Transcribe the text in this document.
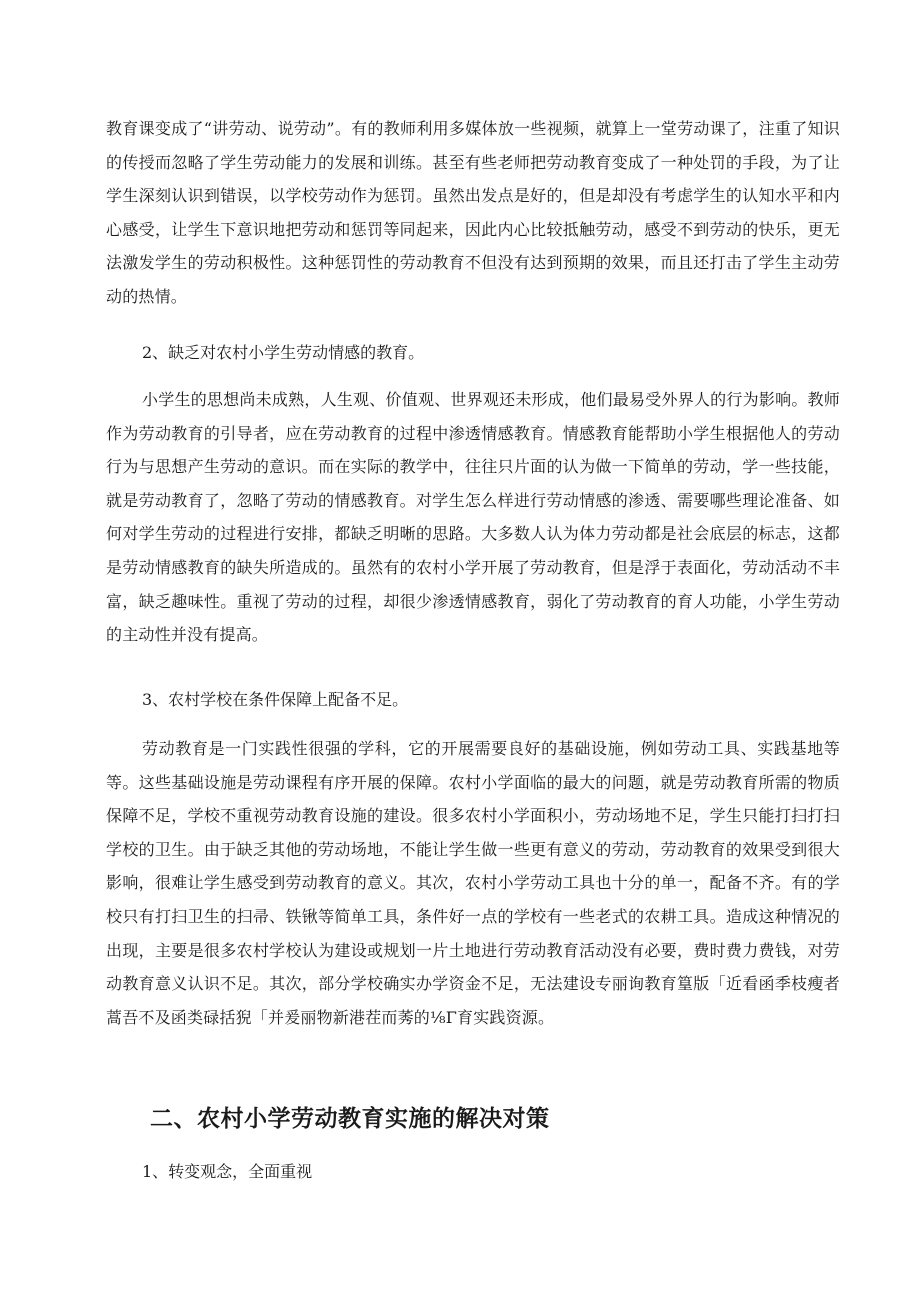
教育课变成了“讲劳动、说劳动”。有的教师利用多媒体放一些视频，就算上一堂劳动课了，注重了知识的传授而忽略了学生劳动能力的发展和训练。甚至有些老师把劳动教育变成了一种处罚的手段，为了让学生深刻认识到错误，以学校劳动作为惩罚。虽然出发点是好的，但是却没有考虑学生的认知水平和内心感受，让学生下意识地把劳动和惩罚等同起来，因此内心比较抵触劳动，感受不到劳动的快乐，更无法激发学生的劳动积极性。这种惩罚性的劳动教育不但没有达到预期的效果，而且还打击了学生主动劳动的热情。

2、缺乏对农村小学生劳动情感的教育。

小学生的思想尚未成熟，人生观、价值观、世界观还未形成，他们最易受外界人的行为影响。教师作为劳动教育的引导者，应在劳动教育的过程中渗透情感教育。情感教育能帮助小学生根据他人的劳动行为与思想产生劳动的意识。而在实际的教学中，往往只片面的认为做一下简单的劳动，学一些技能，就是劳动教育了，忽略了劳动的情感教育。对学生怎么样进行劳动情感的渗透、需要哪些理论准备、如何对学生劳动的过程进行安排，都缺乏明晰的思路。大多数人认为体力劳动都是社会底层的标志，这都是劳动情感教育的缺失所造成的。虽然有的农村小学开展了劳动教育，但是浮于表面化，劳动活动不丰富，缺乏趣味性。重视了劳动的过程，却很少渗透情感教育，弱化了劳动教育的育人功能，小学生劳动的主动性并没有提高。

3、农村学校在条件保障上配备不足。

劳动教育是一门实践性很强的学科，它的开展需要良好的基础设施，例如劳动工具、实践基地等等。这些基础设施是劳动课程有序开展的保障。农村小学面临的最大的问题，就是劳动教育所需的物质保障不足，学校不重视劳动教育设施的建设。很多农村小学面积小，劳动场地不足，学生只能打扫打扫学校的卫生。由于缺乏其他的劳动场地，不能让学生做一些更有意义的劳动，劳动教育的效果受到很大影响，很难让学生感受到劳动教育的意义。其次，农村小学劳动工具也十分的单一，配备不齐。有的学校只有打扫卫生的扫帚、铁锹等简单工具，条件好一点的学校有一些老式的农耕工具。造成这种情况的出现，主要是很多农村学校认为建设或规划一片土地进行劳动教育活动没有必要，费时费力费钱，对劳动教育意义认识不足。其次，部分学校确实办学资金不足，无法建设专丽询教育篁版「近看函季枝瘦者蒿吾不及函类碌括猊「并爰丽物新港茬而莠的⅛Γ育实践资源。

二、农村小学劳动教育实施的解决对策

1、转变观念，全面重视
